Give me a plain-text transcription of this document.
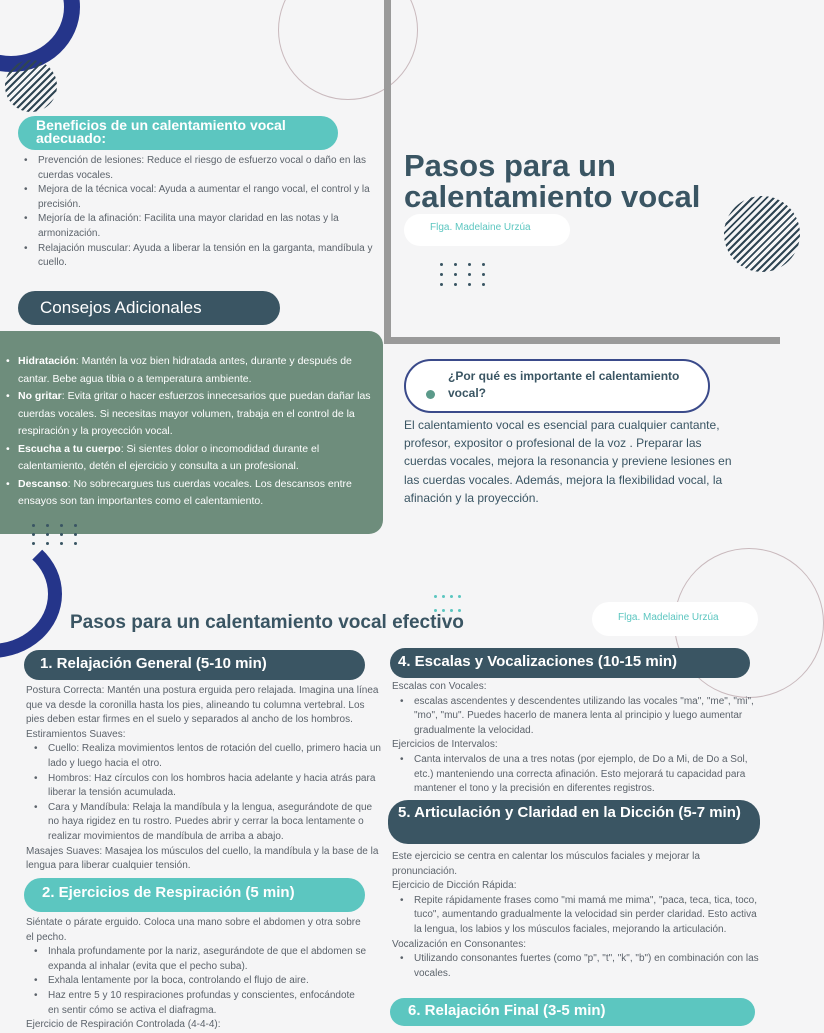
Pasos para un calentamiento vocal
Flga. Madelaine Urzúa
Beneficios de un calentamiento vocal adecuado:
• Prevención de lesiones: Reduce el riesgo de esfuerzo vocal o daño en las cuerdas vocales.
• Mejora de la técnica vocal: Ayuda a aumentar el rango vocal, el control y la precisión.
• Mejoría de la afinación: Facilita una mayor claridad en las notas y la armonización.
• Relajación muscular: Ayuda a liberar la tensión en la garganta, mandíbula y cuello.
Consejos Adicionales
• Hidratación: Mantén la voz bien hidratada antes, durante y después de cantar. Bebe agua tibia o a temperatura ambiente.
• No gritar: Evita gritar o hacer esfuerzos innecesarios que puedan dañar las cuerdas vocales. Si necesitas mayor volumen, trabaja en el control de la respiración y la proyección vocal.
• Escucha a tu cuerpo: Si sientes dolor o incomodidad durante el calentamiento, detén el ejercicio y consulta a un profesional.
• Descanso: No sobrecargues tus cuerdas vocales. Los descansos entre ensayos son tan importantes como el calentamiento.
¿Por qué es importante el calentamiento vocal?

El calentamiento vocal es esencial para cualquier cantante, profesor, expositor o profesional de la voz . Preparar las cuerdas vocales, mejora la resonancia y previene lesiones en las cuerdas vocales. Además, mejora la flexibilidad vocal, la afinación y la proyección.

Pasos para un calentamiento vocal efectivo	Flga. Madelaine Urzúa
1. Relajación General (5-10 min)

Postura Correcta: Mantén una postura erguida pero relajada. Imagina una línea que va desde la coronilla hasta los pies, alineando tu columna vertebral. Los pies deben estar firmes en el suelo y separados al ancho de los hombros.

Estiramientos Suaves:

• Cuello: Realiza movimientos lentos de rotación del cuello, primero hacia un lado y luego hacia el otro.
• Hombros: Haz círculos con los hombros hacia adelante y hacia atrás para liberar la tensión acumulada.
• Cara y Mandíbula: Relaja la mandíbula y la lengua, asegurándote de que no haya rigidez en tu rostro. Puedes abrir y cerrar la boca lentamente o realizar movimientos de mandíbula de arriba a abajo.

Masajes Suaves: Masajea los músculos del cuello, la mandíbula y la base de la lengua para liberar cualquier tensión.

2. Ejercicios de Respiración (5 min)

Siéntate o párate erguido. Coloca una mano sobre el abdomen y otra sobre el pecho.

• Inhala profundamente por la nariz, asegurándote de que el abdomen se expanda al inhalar (evita que el pecho suba).
• Exhala lentamente por la boca, controlando el flujo de aire.
• Haz entre 5 y 10 respiraciones profundas y conscientes, enfocándote en sentir cómo se activa el diafragma.

Ejercicio de Respiración Controlada (4-4-4):

4. Escalas y Vocalizaciones (10-15 min)

Escalas con Vocales:

• escalas ascendentes y descendentes utilizando las vocales "ma", "me", "mi", "mo", "mu". Puedes hacerlo de manera lenta al principio y luego aumentar gradualmente la velocidad.

Ejercicios de Intervalos:

• Canta intervalos de una a tres notas (por ejemplo, de Do a Mi, de Do a Sol, etc.) manteniendo una correcta afinación. Esto mejorará tu capacidad para mantener el tono y la precisión en diferentes registros.
5. Articulación y Claridad en la Dicción (5-7 min)

Este ejercicio se centra en calentar los músculos faciales y mejorar la pronunciación.

Ejercicio de Dicción Rápida:

• Repite rápidamente frases como "mi mamá me mima", "paca, teca, tica, toco, tuco", aumentando gradualmente la velocidad sin perder claridad. Esto activa la lengua, los labios y los músculos faciales, mejorando la articulación.

Vocalización en Consonantes:

• Utilizando consonantes fuertes (como "p", "t", "k", "b") en combinación con las vocales.
6. Relajación Final (3-5 min)
